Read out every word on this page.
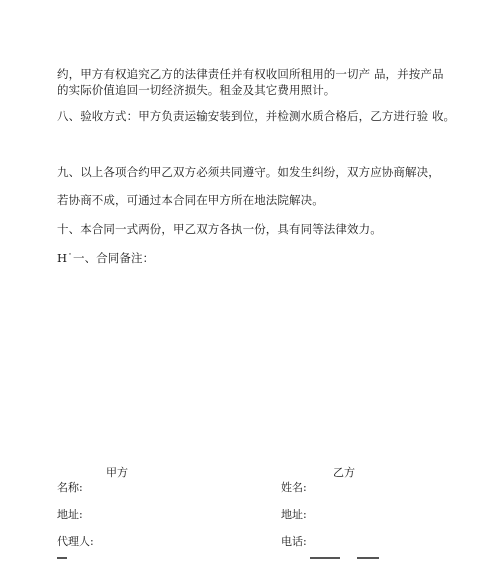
约，甲方有权追究乙方的法律责任并有权收回所租用的一切产 品，并按产品
的实际价值追回一切经济损失。租金及其它费用照计。
八、验收方式：甲方负责运输安装到位，并检测水质合格后，乙方进行验 收。
九、以上各项合约甲乙双方必须共同遵守。如发生纠纷，双方应协商解决，
若协商不成，可通过本合同在甲方所在地法院解决。
十、本合同一式两份，甲乙双方各执一份，具有同等法律效力。
H˙一、合同备注：
甲方	乙方
名称:	姓名:
地址:	地址:
代理人:	电话:
